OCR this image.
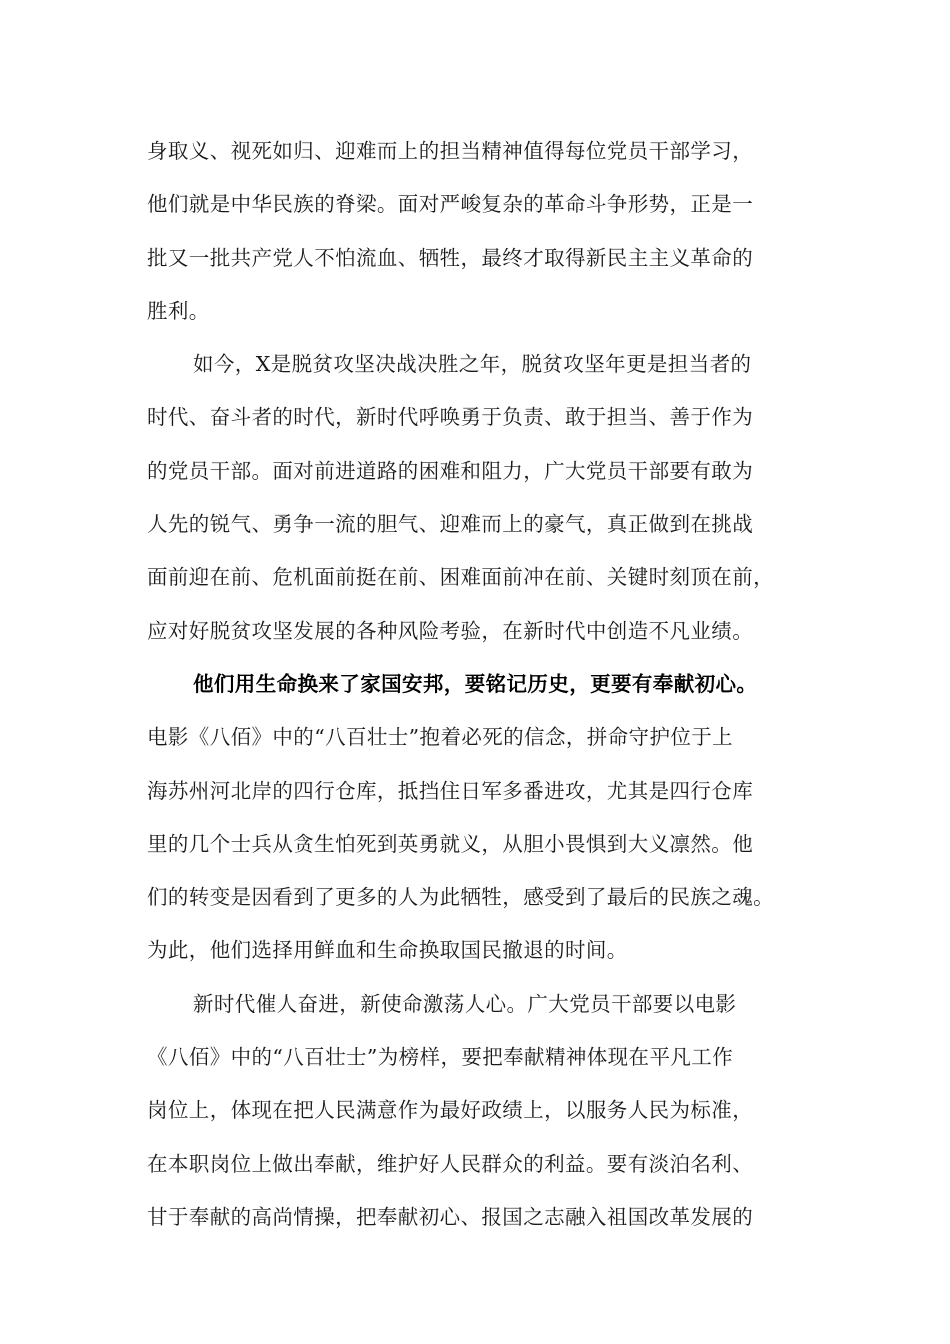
身取义、视死如归、迎难而上的担当精神值得每位党员干部学习，
他们就是中华民族的脊梁。面对严峻复杂的革命斗争形势，正是一
批又一批共产党人不怕流血、牺牲，最终才取得新民主主义革命的
胜利。
如今，X是脱贫攻坚决战决胜之年，脱贫攻坚年更是担当者的
时代、奋斗者的时代，新时代呼唤勇于负责、敢于担当、善于作为
的党员干部。面对前进道路的困难和阻力，广大党员干部要有敢为
人先的锐气、勇争一流的胆气、迎难而上的豪气，真正做到在挑战
面前迎在前、危机面前挺在前、困难面前冲在前、关键时刻顶在前，
应对好脱贫攻坚发展的各种风险考验，在新时代中创造不凡业绩。
他们用生命换来了家国安邦，要铭记历史，更要有奉献初心。
电影《八佰》中的“八百壮士”抱着必死的信念，拼命守护位于上
海苏州河北岸的四行仓库，抵挡住日军多番进攻，尤其是四行仓库
里的几个士兵从贪生怕死到英勇就义，从胆小畏惧到大义凛然。他
们的转变是因看到了更多的人为此牺牲，感受到了最后的民族之魂。
为此，他们选择用鲜血和生命换取国民撤退的时间。
新时代催人奋进，新使命激荡人心。广大党员干部要以电影
《八佰》中的“八百壮士”为榜样，要把奉献精神体现在平凡工作
岗位上，体现在把人民满意作为最好政绩上，以服务人民为标准，
在本职岗位上做出奉献，维护好人民群众的利益。要有淡泊名利、
甘于奉献的高尚情操，把奉献初心、报国之志融入祖国改革发展的
